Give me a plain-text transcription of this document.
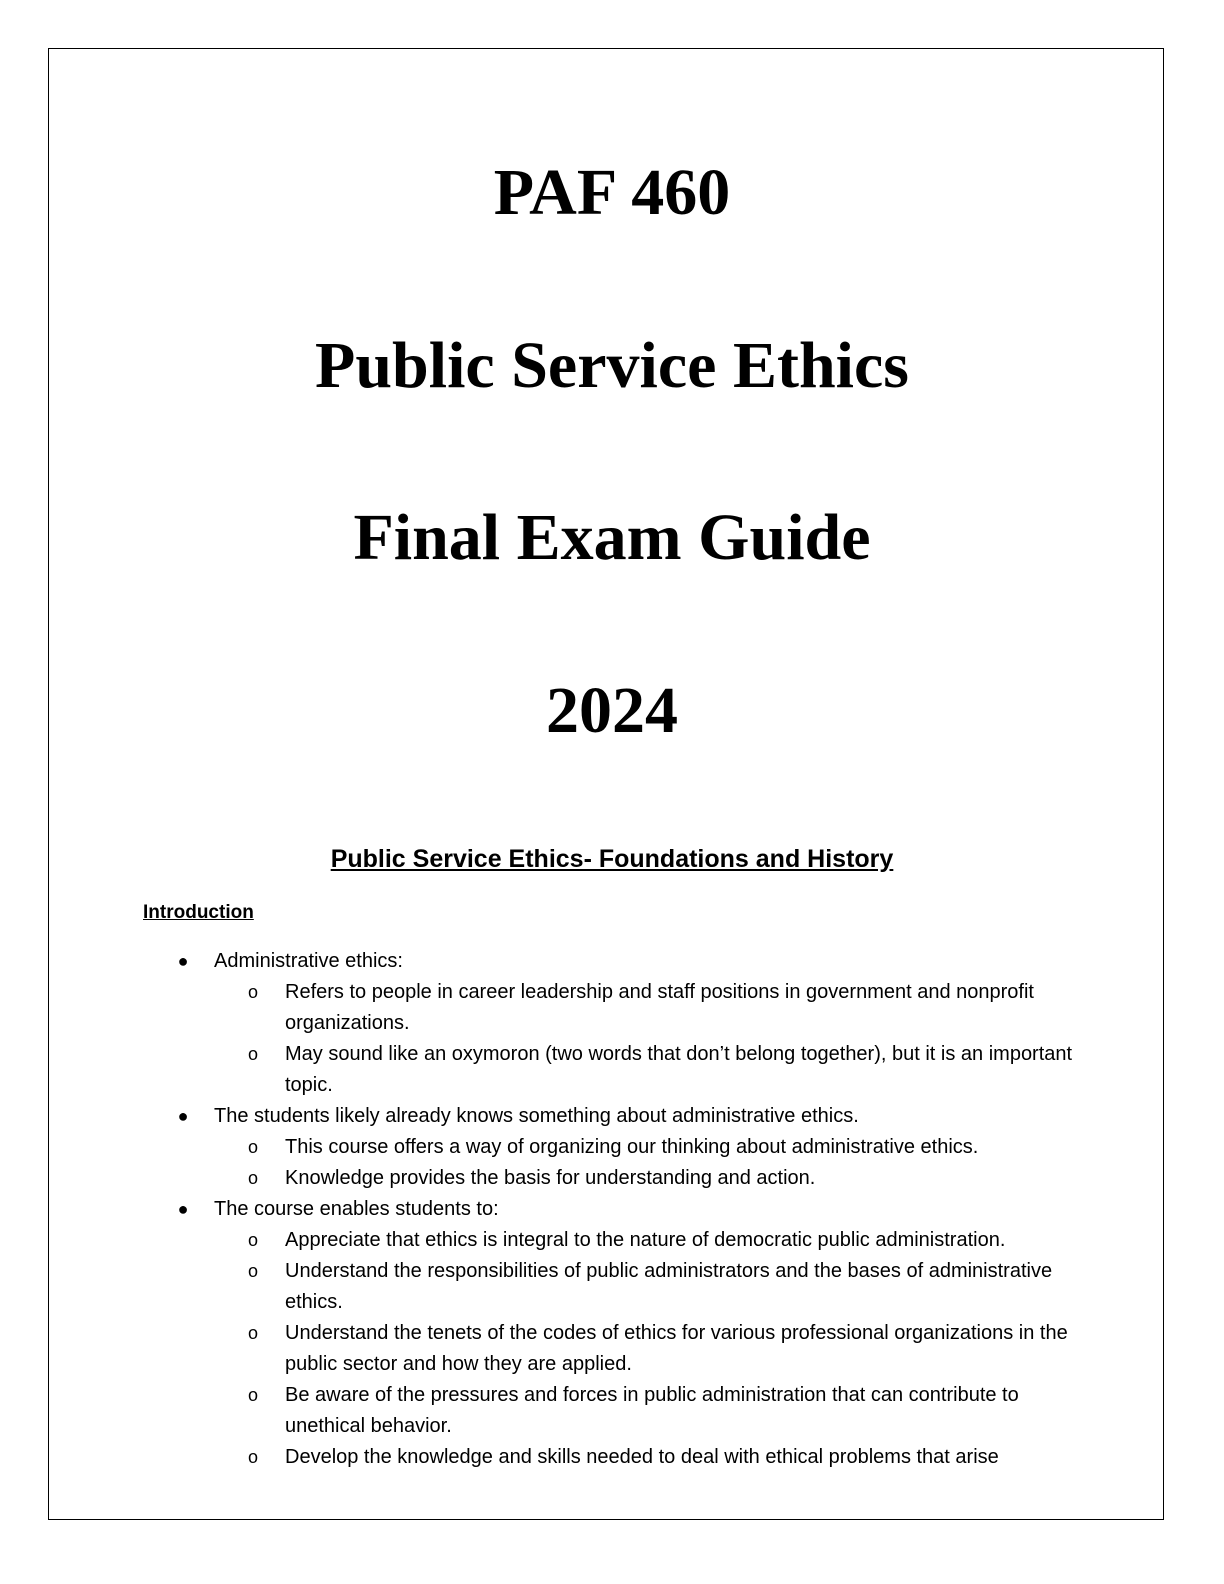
PAF 460
Public Service Ethics
Final Exam Guide
2024
Public Service Ethics- Foundations and History
Introduction
● Administrative ethics:
o Refers to people in career leadership and staff positions in government and nonprofit organizations.
o May sound like an oxymoron (two words that don’t belong together), but it is an important topic.
● The students likely already knows something about administrative ethics.
o This course offers a way of organizing our thinking about administrative ethics.
o Knowledge provides the basis for understanding and action.
● The course enables students to:
o Appreciate that ethics is integral to the nature of democratic public administration.
o Understand the responsibilities of public administrators and the bases of administrative ethics.
o Understand the tenets of the codes of ethics for various professional organizations in the public sector and how they are applied.
o Be aware of the pressures and forces in public administration that can contribute to unethical behavior.
o Develop the knowledge and skills needed to deal with ethical problems that arise
